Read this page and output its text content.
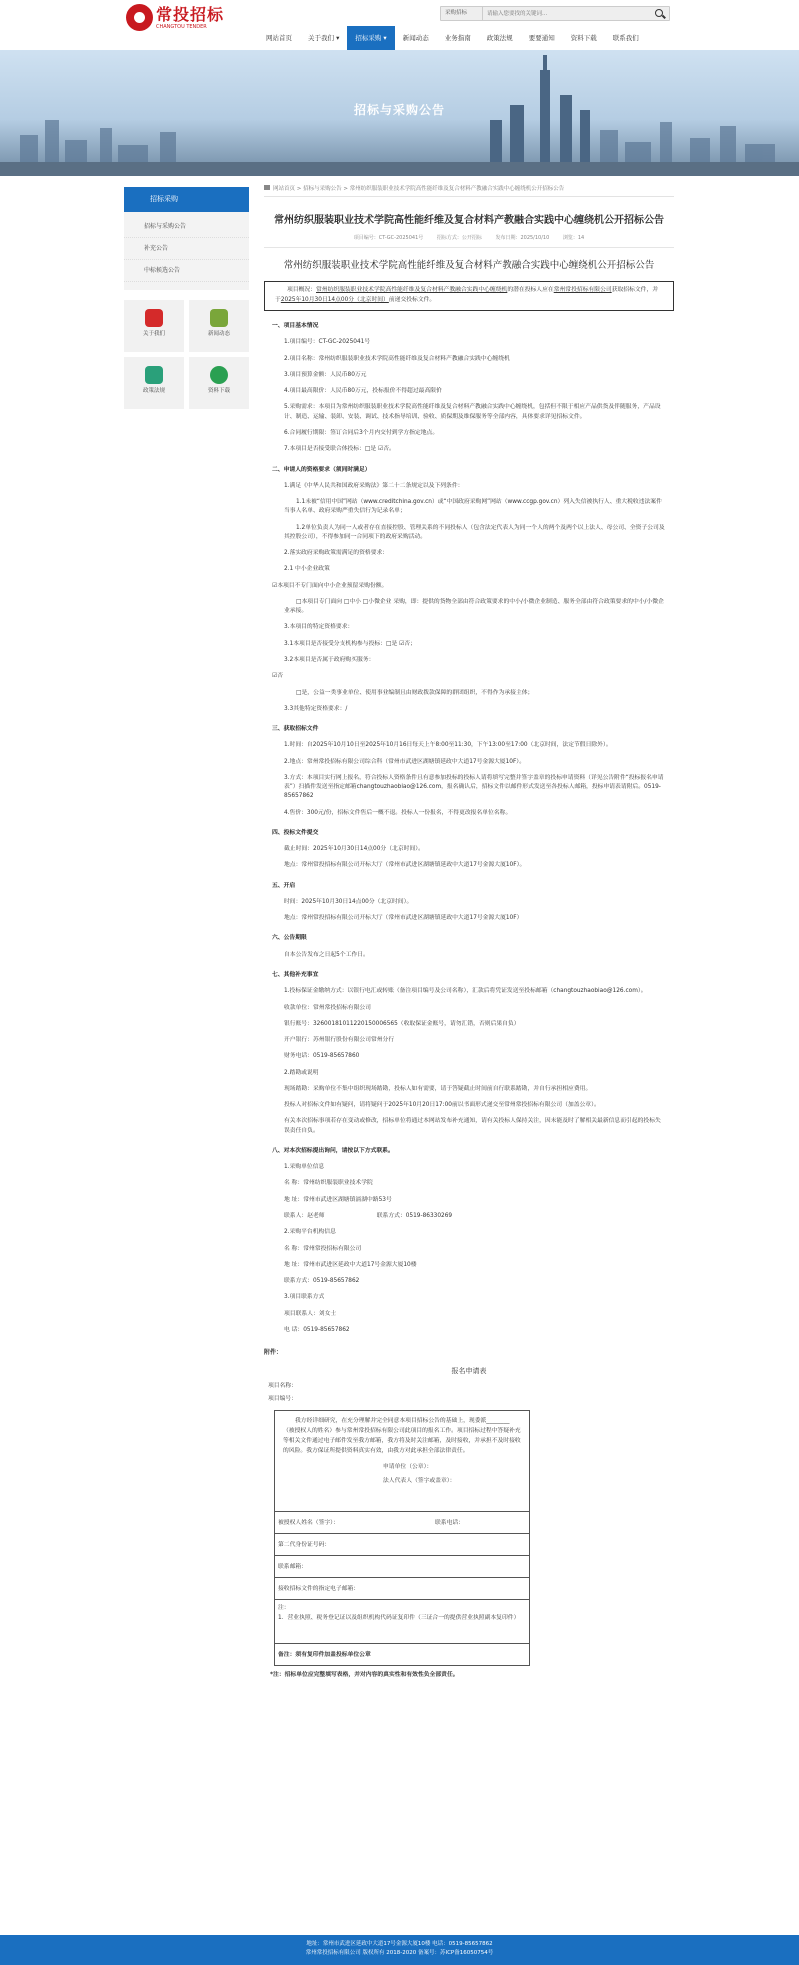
常投招标
CHANGTOU TENDER
采购招标
请输入您要找的关键词...
网站首页	关于我们 ▾	招标采购 ▾	新闻动态	业务指南	政策法规	要要通知	资料下载	联系我们
招标与采购公告
招标采购
招标与采购公告
补充公告
中标候选公告
关于我们	新闻动态
政策法规	资料下载
网站首页 > 招标与采购公告 > 常州纺织服装职业技术学院高性能纤维及复合材料产教融合实践中心缠绕机公开招标公告
常州纺织服装职业技术学院高性能纤维及复合材料产教融合实践中心缠绕机公开招标公告
项目编号：CT-GC-2025041号	招标方式：公开招标	发布日期：2025/10/10	浏览：14
常州纺织服装职业技术学院高性能纤维及复合材料产教融合实践中心缠绕机公开招标公告
项目概况：常州纺织服装职业技术学院高性能纤维及复合材料产教融合实践中心缠绕机的潜在投标人应在常州常投招标有限公司获取招标文件，并于2025年10月30日14点00分（北京时间）前递交投标文件。

一、项目基本情况

1.项目编号：CT-GC-2025041号

2.项目名称：常州纺织服装职业技术学院高性能纤维及复合材料产教融合实践中心缠绕机

3.项目预算金额：人民币80万元

4.项目最高限价：人民币80万元，投标报价不得超过最高限价

5.采购需求：本项目为常州纺织服装职业技术学院高性能纤维及复合材料产教融合实践中心缠绕机，包括但不限于相应产品供货及伴随服务，产品设计、制造、运输、装卸、安装、调试、技术指导培训、验收、质保期及维保服务等全部内容，具体要求详见招标文件。

6.合同履行期限：签订合同后3个月内交付到学方指定地点。

7.本项目是否接受联合体投标：□是 ☑否。

二、申请人的资格要求（须同时满足）

1.满足《中华人民共和国政府采购法》第二十二条规定以及下列条件：

1.1未被“信用中国”网站（www.creditchina.gov.cn）或“中国政府采购网”网站（www.ccgp.gov.cn）列入失信被执行人、重大税收违法案件当事人名单、政府采购严重失信行为记录名单；

1.2单位负责人为同一人或者存在直接控股、管理关系的不同投标人（包含法定代表人为同一个人的两个及两个以上法人、母公司、全资子公司及其控股公司），不得参加同一合同项下的政府采购活动。

2.落实政府采购政策需满足的资格要求：

2.1 中小企业政策

☑本项目不专门面向中小企业预留采购份额。

□本项目专门面向 □中小 □小微企业 采购，即：提供的货物全部由符合政策要求的中小/小微企业制造、服务全部由符合政策要求的中小/小微企业承接。

3.本项目的特定资格要求：

3.1本项目是否接受分支机构参与投标：□是 ☑否；

3.2本项目是否属于政府购买服务：

☑否

□是，公益一类事业单位、使用事业编制且由财政拨款保障的群团组织，不得作为承接主体；

3.3其他特定资格要求：/

三、获取招标文件

1.时间：自2025年10月10日至2025年10月16日每天上午8:00至11:30，下午13:00至17:00（北京时间，法定节假日除外）。

2.地点：常州常投招标有限公司综合科（常州市武进区湖塘镇延政中大道17号金源大厦10F）。

3.方式：本项目实行网上报名，符合投标人资格条件且有意参加投标的投标人请将填写完整并签字盖章的投标申请资料（详见公告附件“投标报名申请表”）扫描件发送至指定邮箱changtouzhaobiao@126.com，报名确认后，招标文件以邮件形式发送至各投标人邮箱，投标申请表请附后。0519-85657862

4.售价：300元/份，招标文件售后一概不退。投标人一份报名，不得更改报名单位名称。

四、投标文件提交

截止时间：2025年10月30日14点00分（北京时间）。

地点：常州常投招标有限公司开标大厅（常州市武进区湖塘镇延政中大道17号金源大厦10F）。

五、开启

时间：2025年10月30日14点00分（北京时间）。

地点：常州常投招标有限公司开标大厅（常州市武进区湖塘镇延政中大道17号金源大厦10F）

六、公告期限

自本公告发布之日起5个工作日。

七、其他补充事宜

1.投标保证金缴纳方式：以银行电汇或转账（备注项目编号及公司名称），汇款后将凭证发送至投标邮箱（changtouzhaobiao@126.com）。

收款单位：常州常投招标有限公司

银行账号：32600181011220150006565（收取保证金账号，请勿汇错，否则后果自负）

开户银行：苏州银行股份有限公司常州分行

财务电话：0519-85657860

2.踏勘或说明

现场踏勘：采购单位不集中组织现场踏勘，投标人如有需要，请于答疑截止时间前自行联系踏勘，并自行承担相应费用。

投标人对招标文件如有疑问，请将疑问于2025年10月20日17:00前以书面形式递交至常州常投招标有限公司（加盖公章）。

有关本次招标事项若存在变动或修改，招标单位将通过本网站发布补充通知，请有关投标人保持关注，因未能及时了解相关最新信息而引起的投标失误责任自负。

八、对本次招标提出询问，请按以下方式联系。

1.采购单位信息

名 称：常州纺织服装职业技术学院

地 址：常州市武进区湖塘镇滆湖中路53号

联系人：赵老师　　　　　　　　　联系方式：0519-86330269

2.采购平台机构信息

名 称：常州常投招标有限公司

地 址：常州市武进区延政中大道17号金源大厦10楼

联系方式：0519-85657862

3.项目联系方式

项目联系人：刘女士

电 话：0519-85657862

附件：
报名申请表

项目名称：

项目编号：

我方经详细研究，在充分理解并完全同意本项目招标公告的基础上，现委派________（被授权人的姓名）参与常州常投招标有限公司此项目的报名工作。项目招标过程中答疑补充等相关文件通过电子邮件发至我方邮箱，我方将及时关注邮箱，及时接收，并承担不及时接收的风险。我方保证所提供资料真实有效，由我方对此承担全部法律责任。

申请单位（公章）：

法人代表人（签字或盖章）：

被授权人姓名（签字）：	联系电话：
第二代身份证号码：
联系邮箱：
接收招标文件的指定电子邮箱：
注：
1．营业执照、税务登记证以及组织机构代码证复印件（三证合一的提供营业执照副本复印件）
备注：须有复印件加盖投标单位公章
*注：招标单位应完整填写表格，并对内容的真实性和有效性负全部责任。
地址：常州市武进区延政中大道17号金源大厦10楼 电话：0519-85657862
常州常投招标有限公司 版权所有 2018-2020 备案号：苏ICP备16050754号
